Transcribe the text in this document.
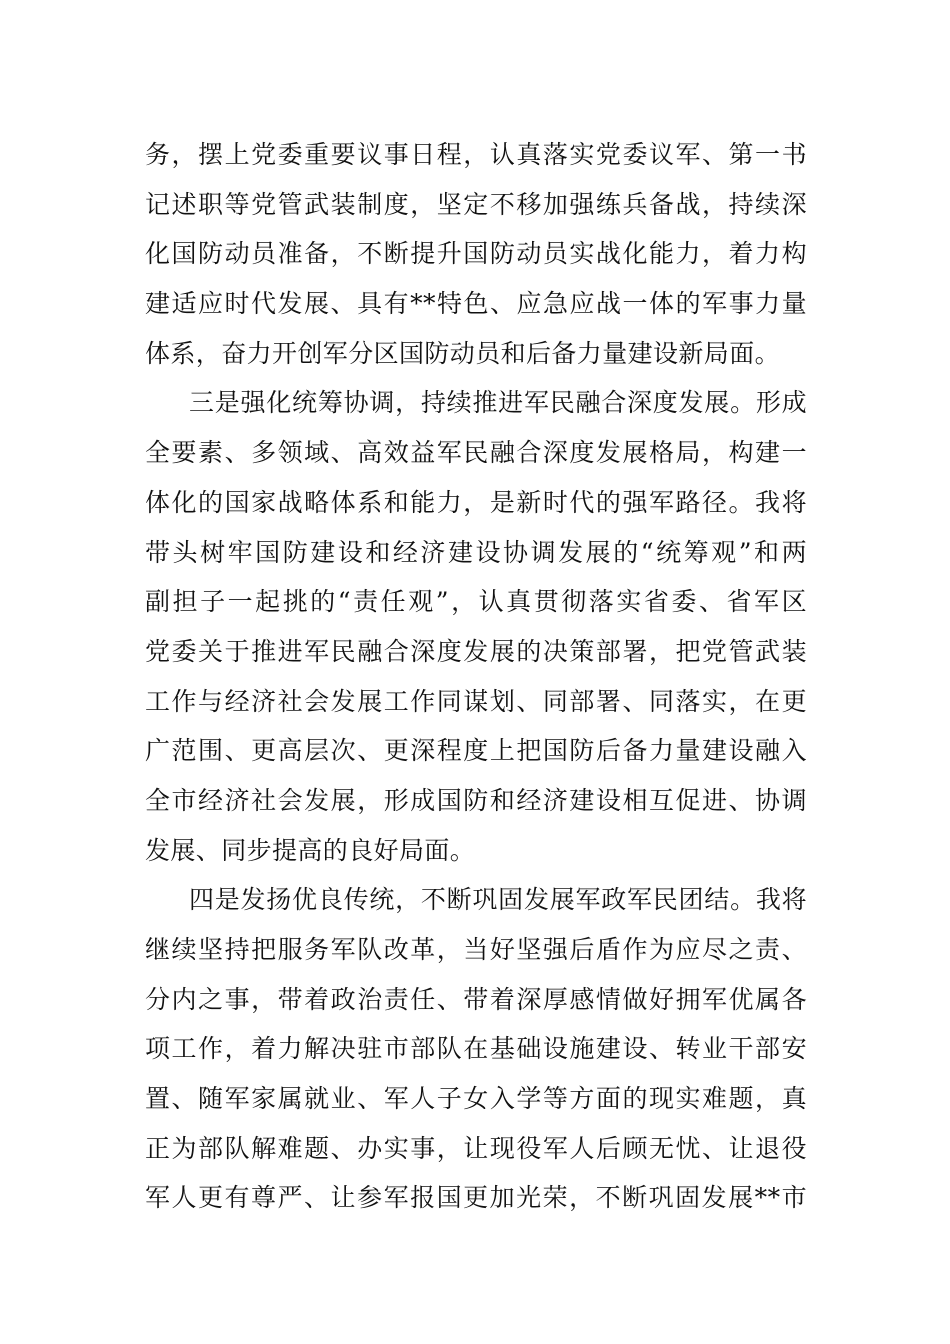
务，摆上党委重要议事日程，认真落实党委议军、第一书
记述职等党管武装制度，坚定不移加强练兵备战，持续深
化国防动员准备，不断提升国防动员实战化能力，着力构
建适应时代发展、具有**特色、应急应战一体的军事力量
体系，奋力开创军分区国防动员和后备力量建设新局面。
三是强化统筹协调，持续推进军民融合深度发展。形成
全要素、多领域、高效益军民融合深度发展格局，构建一
体化的国家战略体系和能力，是新时代的强军路径。我将
带头树牢国防建设和经济建设协调发展的“统筹观”和两
副担子一起挑的“责任观”，认真贯彻落实省委、省军区
党委关于推进军民融合深度发展的决策部署，把党管武装
工作与经济社会发展工作同谋划、同部署、同落实，在更
广范围、更高层次、更深程度上把国防后备力量建设融入
全市经济社会发展，形成国防和经济建设相互促进、协调
发展、同步提高的良好局面。
四是发扬优良传统，不断巩固发展军政军民团结。我将
继续坚持把服务军队改革，当好坚强后盾作为应尽之责、
分内之事，带着政治责任、带着深厚感情做好拥军优属各
项工作，着力解决驻市部队在基础设施建设、转业干部安
置、随军家属就业、军人子女入学等方面的现实难题，真
正为部队解难题、办实事，让现役军人后顾无忧、让退役
军人更有尊严、让参军报国更加光荣，不断巩固发展**市
